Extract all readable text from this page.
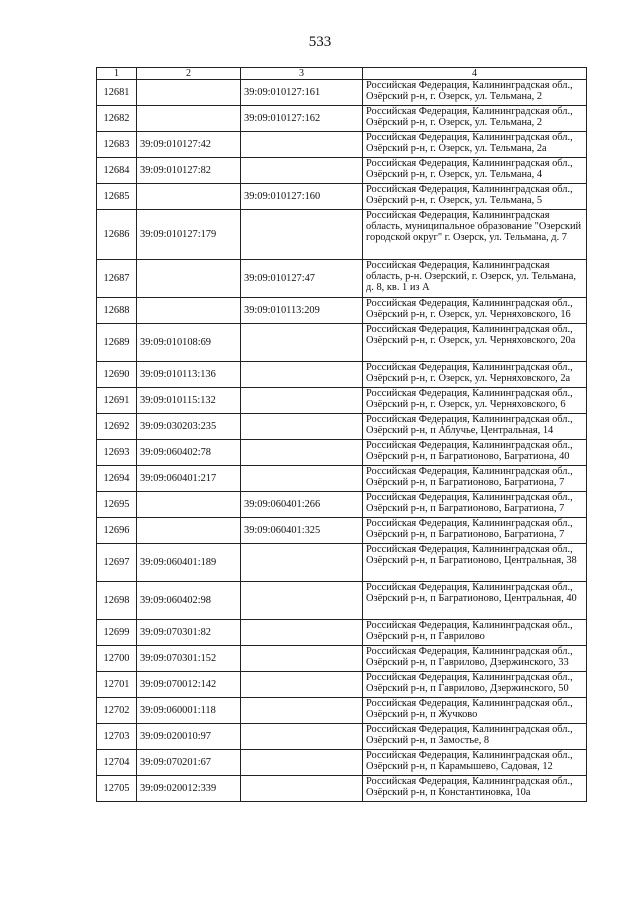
533
1	2	3	4
12681		39:09:010127:161	Российская Федерация, Калининградская обл., Озёрский р-н, г. Озерск, ул. Тельмана, 2
12682		39:09:010127:162	Российская Федерация, Калининградская обл., Озёрский р-н, г. Озерск, ул. Тельмана, 2
12683	39:09:010127:42		Российская Федерация, Калининградская обл., Озёрский р-н, г. Озерск, ул. Тельмана, 2а
12684	39:09:010127:82		Российская Федерация, Калининградская обл., Озёрский р-н, г. Озерск, ул. Тельмана, 4
12685		39:09:010127:160	Российская Федерация, Калининградская обл., Озёрский р-н, г. Озерск, ул. Тельмана, 5
12686	39:09:010127:179		Российская Федерация, Калининградская область, муниципальное образование "Озерский городской округ" г. Озерск, ул. Тельмана, д. 7
12687		39:09:010127:47	Российская Федерация, Калининградская область, р-н. Озерский, г. Озерск, ул. Тельмана, д. 8, кв. 1 из А
12688		39:09:010113:209	Российская Федерация, Калининградская обл., Озёрский р-н, г. Озерск, ул. Черняховского, 16
12689	39:09:010108:69		Российская Федерация, Калининградская обл., Озёрский р-н, г. Озерск, ул. Черняховского, 20а
12690	39:09:010113:136		Российская Федерация, Калининградская обл., Озёрский р-н, г. Озерск, ул. Черняховского, 2а
12691	39:09:010115:132		Российская Федерация, Калининградская обл., Озёрский р-н, г. Озерск, ул. Черняховского, 6
12692	39:09:030203:235		Российская Федерация, Калининградская обл., Озёрский р-н, п Аблучье, Центральная, 14
12693	39:09:060402:78		Российская Федерация, Калининградская обл., Озёрский р-н, п Багратионово, Багратиона, 40
12694	39:09:060401:217		Российская Федерация, Калининградская обл., Озёрский р-н, п Багратионово, Багратиона, 7
12695		39:09:060401:266	Российская Федерация, Калининградская обл., Озёрский р-н, п Багратионово, Багратиона, 7
12696		39:09:060401:325	Российская Федерация, Калининградская обл., Озёрский р-н, п Багратионово, Багратиона, 7
12697	39:09:060401:189		Российская Федерация, Калининградская обл., Озёрский р-н, п Багратионово, Центральная, 38
12698	39:09:060402:98		Российская Федерация, Калининградская обл., Озёрский р-н, п Багратионово, Центральная, 40
12699	39:09:070301:82		Российская Федерация, Калининградская обл., Озёрский р-н, п Гаврилово
12700	39:09:070301:152		Российская Федерация, Калининградская обл., Озёрский р-н, п Гаврилово, Дзержинского, 33
12701	39:09:070012:142		Российская Федерация, Калининградская обл., Озёрский р-н, п Гаврилово, Дзержинского, 50
12702	39:09:060001:118		Российская Федерация, Калининградская обл., Озёрский р-н, п Жучково
12703	39:09:020010:97		Российская Федерация, Калининградская обл., Озёрский р-н, п Замостье, 8
12704	39:09:070201:67		Российская Федерация, Калининградская обл., Озёрский р-н, п Карамышево, Садовая, 12
12705	39:09:020012:339		Российская Федерация, Калининградская обл., Озёрский р-н, п Константиновка, 10а
